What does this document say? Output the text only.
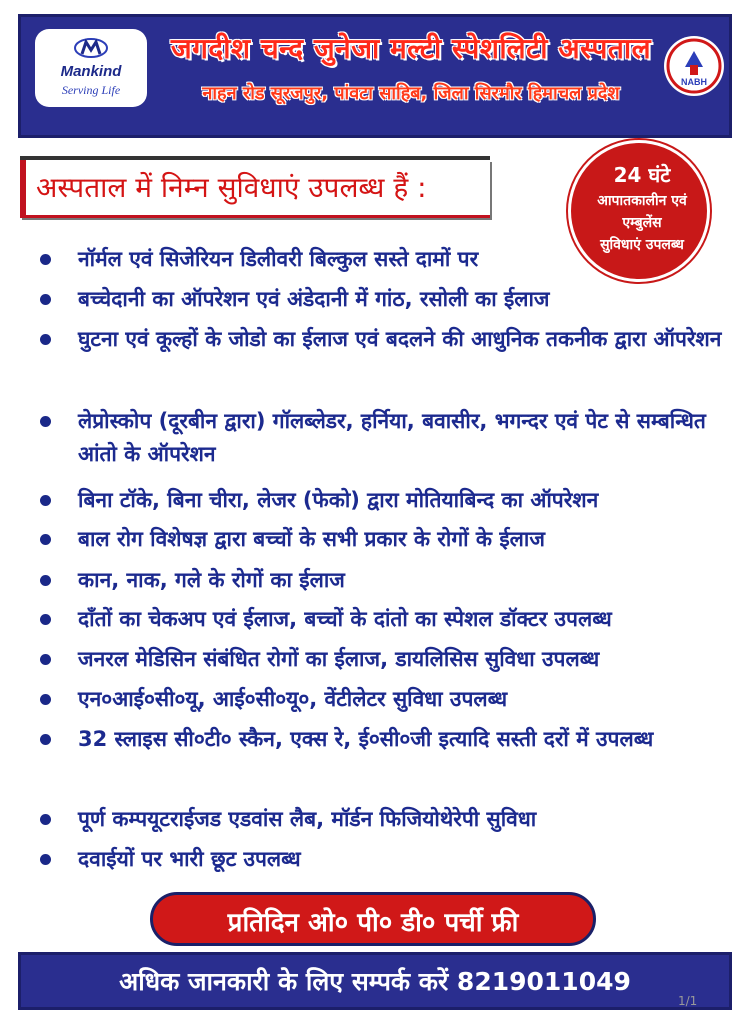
Mankind
Serving Life
जगदीश चन्द जुनेजा मल्टी स्पेशलिटी अस्पताल
नाहन रोड सूरजपुर, पांवटा साहिब, जिला सिरमौर हिमाचल प्रदेश
NABH
अस्पताल में निम्न सुविधाएं उपलब्ध हैं :	24 घंटे
आपातकालीन एवं
एम्बुलेंस
सुविधाएं उपलब्ध
नॉर्मल एवं सिजेरियन डिलीवरी बिल्कुल सस्ते दामों पर
बच्चेदानी का ऑपरेशन एवं अंडेदानी में गांठ, रसोली का ईलाज
घुटना एवं कूल्हों के जोडो का ईलाज एवं बदलने की आधुनिक तकनीक द्वारा ऑपरेशन
लेप्रोस्कोप (दूरबीन द्वारा) गॉलब्लेडर, हर्निया, बवासीर, भगन्दर एवं पेट से सम्बन्धित आंतो के ऑपरेशन
बिना टॉके, बिना चीरा, लेजर (फेको) द्वारा मोतियाबिन्द का ऑपरेशन
बाल रोग विशेषज्ञ द्वारा बच्चों के सभी प्रकार के रोगों के ईलाज
कान, नाक, गले के रोगों का ईलाज
दाँतों का चेकअप एवं ईलाज, बच्चों के दांतो का स्पेशल डॉक्टर उपलब्ध
जनरल मेडिसिन संबंधित रोगों का ईलाज, डायलिसिस सुविधा उपलब्ध
एन०आई०सी०यू, आई०सी०यू०, वेंटीलेटर सुविधा उपलब्ध
32 स्लाइस सी०टी० स्कैन, एक्स रे, ई०सी०जी इत्यादि सस्ती दरों में उपलब्ध
पूर्ण कम्पयूटराईजड एडवांस लैब, मॉर्डन फिजियोथेरेपी सुविधा
दवाईयों पर भारी छूट उपलब्ध
प्रतिदिन ओ० पी० डी० पर्ची फ्री
अधिक जानकारी के लिए सम्पर्क करें 8219011049
1/1
